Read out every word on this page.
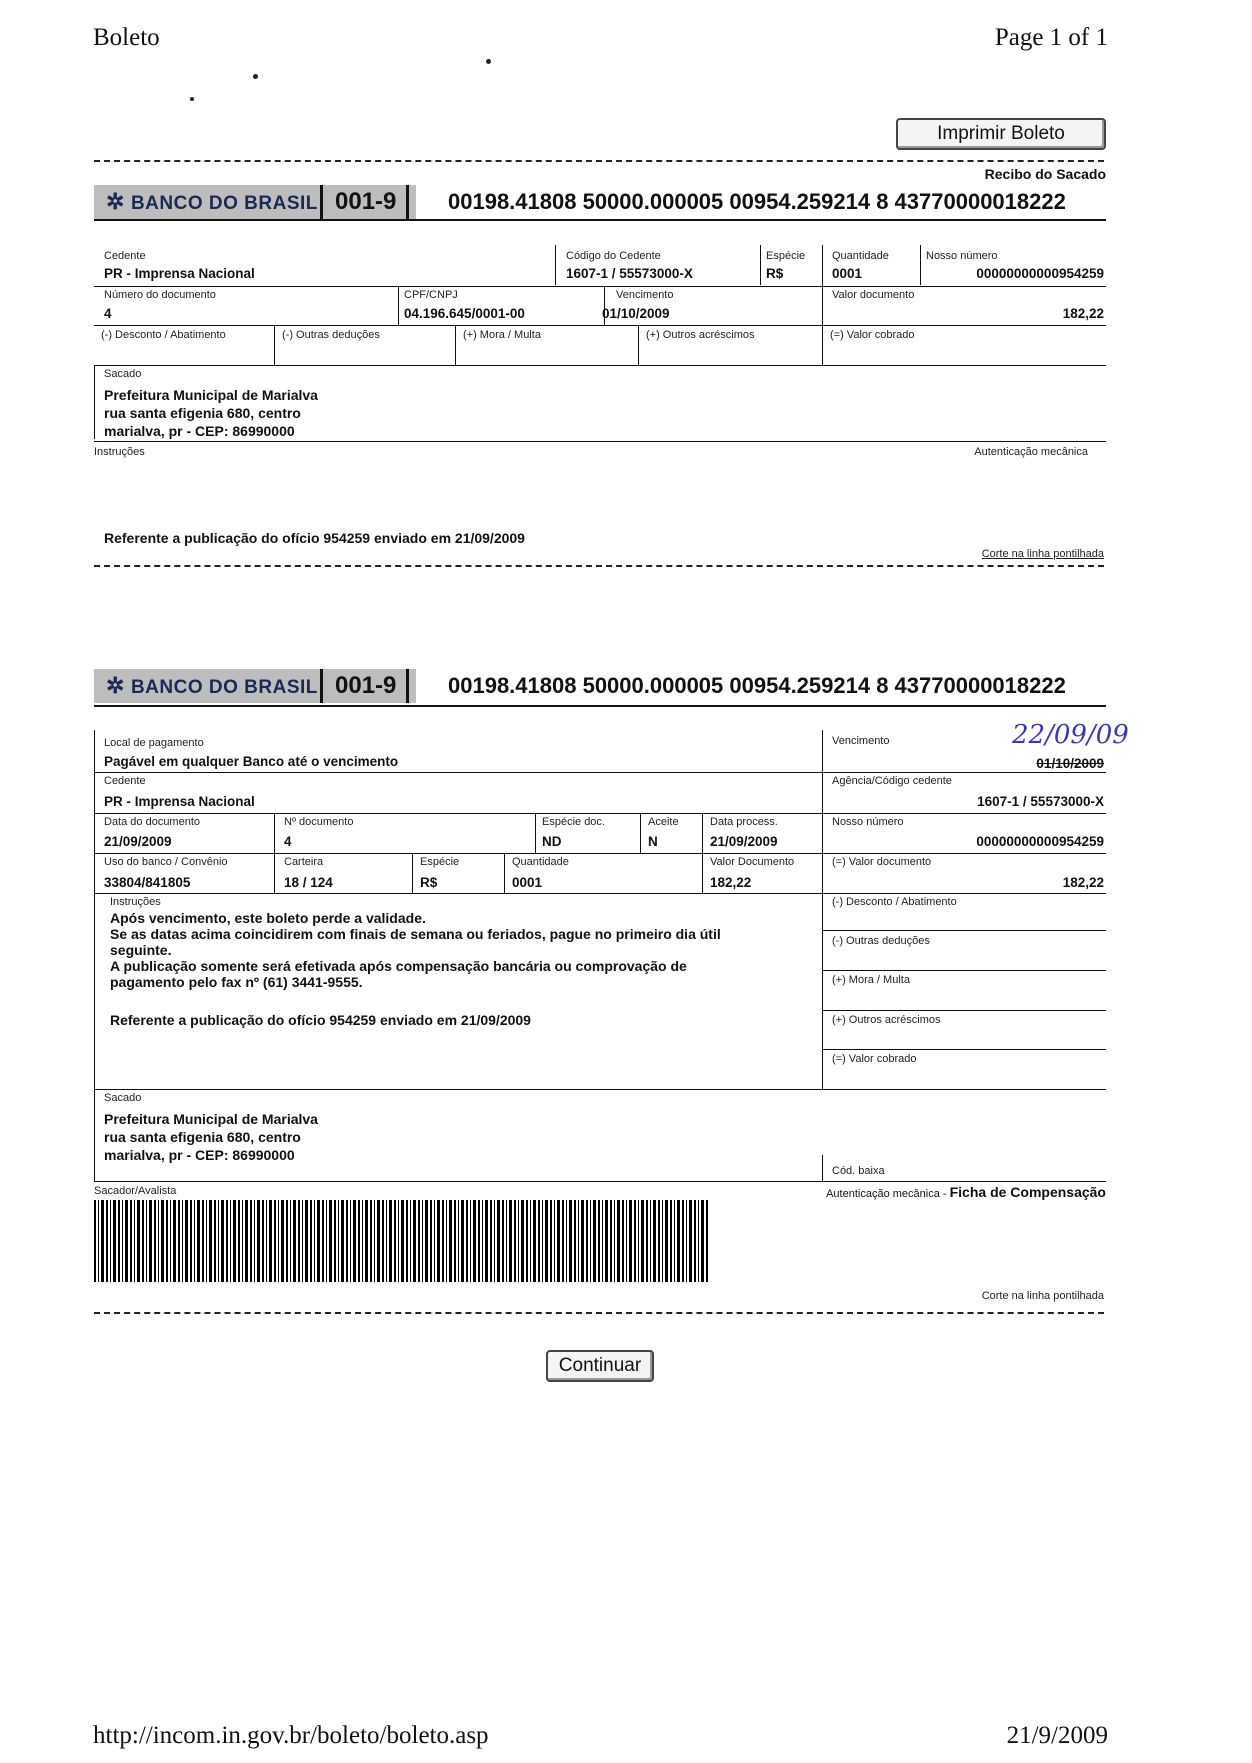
Boleto	Page 1 of 1
Imprimir Boleto
Recibo do Sacado
✲ BANCO DO BRASIL 001-9	00198.41808 50000.000005 00954.259214 8 43770000018222
Cedente
PR - Imprensa Nacional
Código do Cedente
1607-1 / 55573000-X
Espécie
R$
Quantidade
0001
Nosso número
00000000000954259
Número do documento
4
CPF/CNPJ
04.196.645/0001-00
Vencimento
01/10/2009
Valor documento
182,22
(-) Desconto / Abatimento	(-) Outras deduções	(+) Mora / Multa	(+) Outros acréscimos	(=) Valor cobrado
Sacado
Prefeitura Municipal de Marialva
rua santa efigenia 680, centro
marialva, pr - CEP: 86990000
Instruções	Autenticação mecânica
Referente a publicação do ofício 954259 enviado em 21/09/2009
Corte na linha pontilhada
✲ BANCO DO BRASIL 001-9	00198.41808 50000.000005 00954.259214 8 43770000018222
Local de pagamento
Pagável em qualquer Banco até o vencimento
Vencimento
01/10/2009
22/09/09
Cedente
PR - Imprensa Nacional
Agência/Código cedente
1607-1 / 55573000-X
Data do documento
21/09/2009
Nº documento
4
Espécie doc.
ND
Aceite
N
Data process.
21/09/2009
Nosso número
00000000000954259
Uso do banco / Convênio
33804/841805
Carteira
18 / 124
Espécie
R$
Quantidade
0001
Valor Documento
182,22
(=) Valor documento
182,22
Instruções
Após vencimento, este boleto perde a validade.
Se as datas acima coincidirem com finais de semana ou feriados, pague no primeiro dia útil
seguinte.
A publicação somente será efetivada após compensação bancária ou comprovação de
pagamento pelo fax nº (61) 3441-9555.
Referente a publicação do ofício 954259 enviado em 21/09/2009
(-) Desconto / Abatimento
(-) Outras deduções
(+) Mora / Multa
(+) Outros acréscimos
(=) Valor cobrado
Sacado
Prefeitura Municipal de Marialva
rua santa efigenia 680, centro
marialva, pr - CEP: 86990000
Cód. baixa
Sacador/Avalista	Autenticação mecânica - Ficha de Compensação
Corte na linha pontilhada
Continuar
http://incom.in.gov.br/boleto/boleto.asp	21/9/2009
